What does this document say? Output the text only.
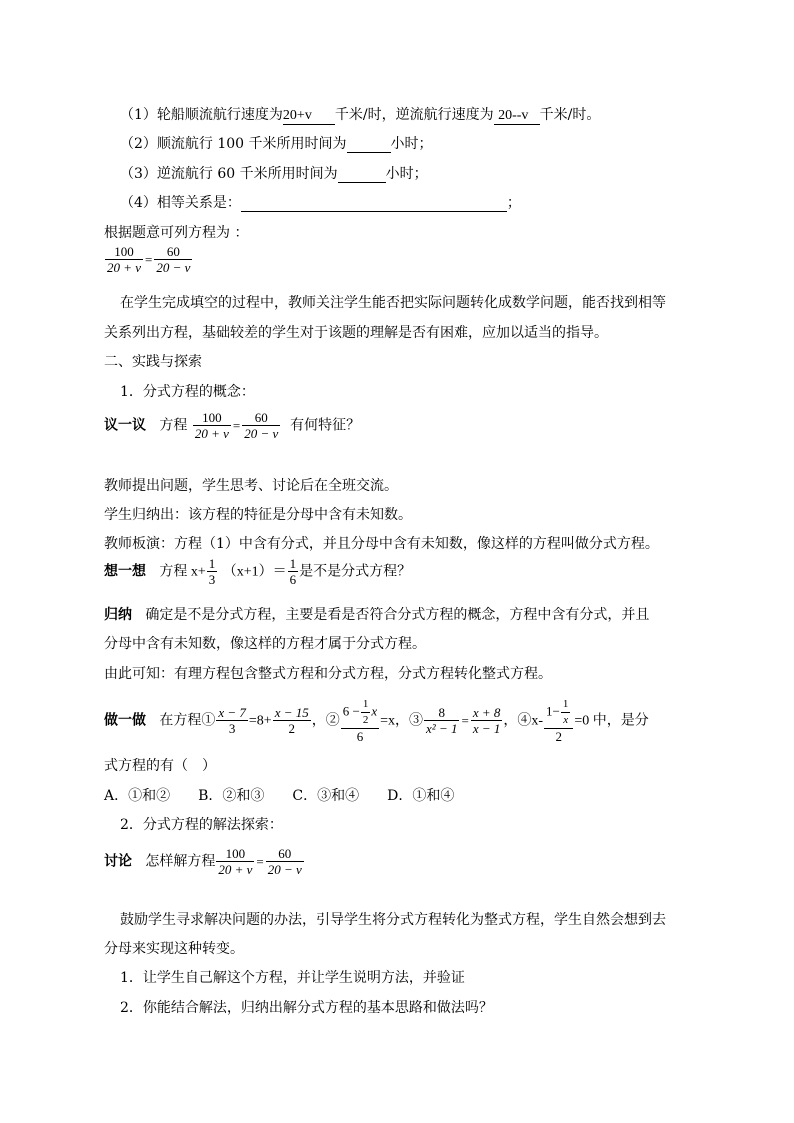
（1）轮船顺流航行速度为20+v 千米/时，逆流航行速度为 20--v 千米/时。
（2）顺流航行 100 千米所用时间为	小时；
（3）逆流航行 60 千米所用时间为	小时；
（4）相等关系是：	；
根据题意可列方程为 ：
$\frac{100}{20 + v} = \frac{60}{20 - v}$
在学生完成填空的过程中，教师关注学生能否把实际问题转化成数学问题，能否找到相等
关系列出方程，基础较差的学生对于该题的理解是否有困难，应加以适当的指导。
二、实践与探索
1．分式方程的概念：
议一议 方程 $\frac{100}{20 + v} = \frac{60}{20 - v}$ 有何特征？
教师提出问题，学生思考、讨论后在全班交流。
学生归纳出：该方程的特征是分母中含有未知数。
教师板演：方程（1）中含有分式，并且分母中含有未知数，像这样的方程叫做分式方程。
想一想 方程 $x+ \frac{1}{3} (x+1)= \frac{1}{6}$ 是不是分式方程？
归纳 确定是不是分式方程，主要是看是否符合分式方程的概念，方程中含有分式，并且
分母中含有未知数，像这样的方程才属于分式方程。
由此可知：有理方程包含整式方程和分式方程，分式方程转化整式方程。
做一做 在方程① $\frac{x - 7}{3} =8+ \frac{x - 15}{2}$ ，② $\frac{6 - \frac{1}{2} x}{6} =x$，③ $\frac{8}{\text{x² − 1}} = \frac{x + 8}{x - 1}$ ，④x- $\frac{1- \frac{1}{x}}{2} =0$ 中，是分
式方程的有（　）
A．①和②　　B．②和③　　C．③和④　　D．①和④
2．分式方程的解法探索：
讨论 怎样解方程 $\frac{100}{20 + v} = \frac{60}{20 - v}$
鼓励学生寻求解决问题的办法，引导学生将分式方程转化为整式方程，学生自然会想到去
分母来实现这种转变。
1．让学生自己解这个方程，并让学生说明方法，并验证
2．你能结合解法，归纳出解分式方程的基本思路和做法吗？
